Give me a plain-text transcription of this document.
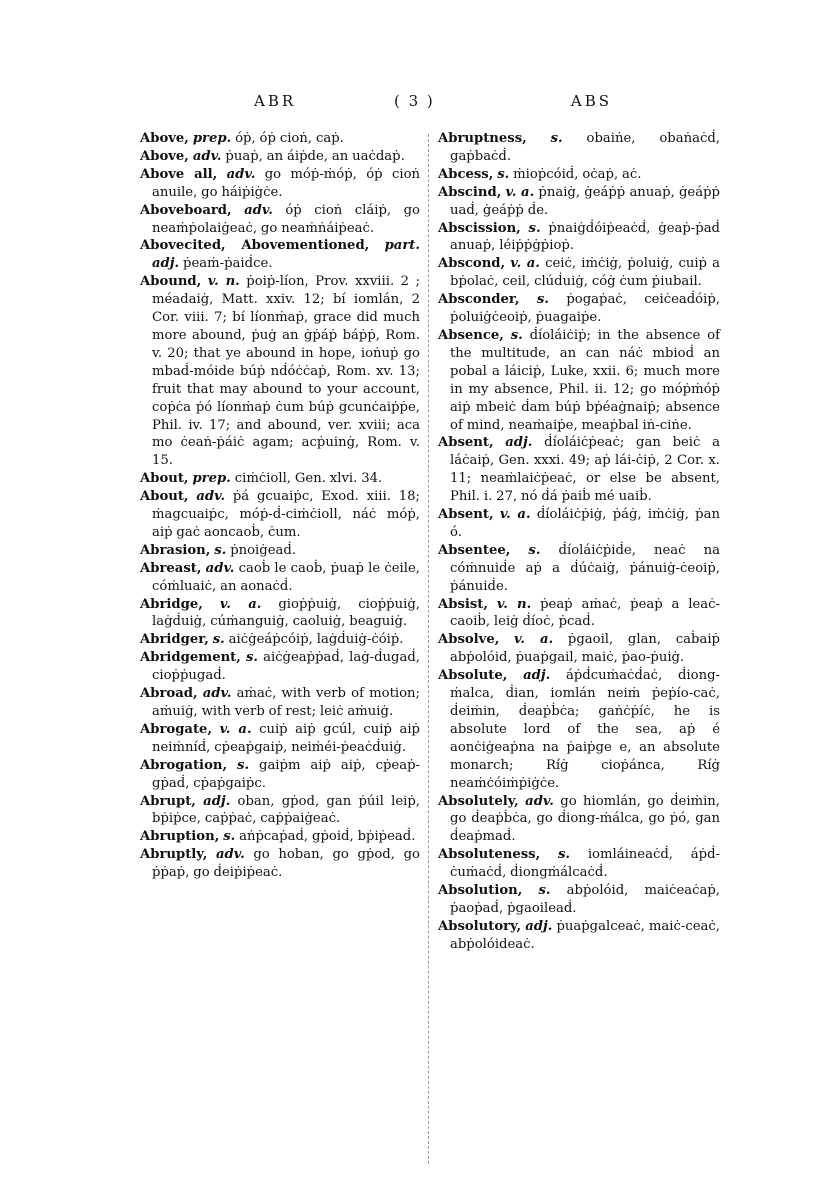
ABR	( 3 )	ABS
Above, prep. óṗ, óṗ cioṅ, caṗ.
Above, adv. ṗuaṗ, an áiṗde, an uaċdaṗ.
Above all, adv. go móṗ-ṁóṗ, óṗ cioṅ anuile, go háiṗiġċe.
Aboveboard, adv. óṗ cioṅ cláiṗ, go neaṁṗolaiġeaċ, go neaṁṅáiṗeaċ.
Abovecited, Abovementioned, part. adj. ṗeaṁ-ṗaiḋce.
Abound, v. n. ṗoiṗ-líon, Prov. xxviii. 2 ; méadaiġ, Matt. xxiv. 12; bí iomlán, 2 Cor. viii. 7; bí líonṁaṗ, grace did much more abound, ṗuġ an ġṗáṗ báṗṗ, Rom. v. 20; that ye abound in hope, ioṅuṗ go mbaḋ-móide búṗ nḋóċċaṗ, Rom. xv. 13; fruit that may abound to your account, coṗċa ṗó líonṁaṗ ċum búṗ gcunċaiṗṗe, Phil. iv. 17; and abound, ver. xviii; aca mo ċeaṅ-ṗáiċ agam; acṗuinġ, Rom. v. 15.
About, prep. ciṁċioll, Gen. xlvi. 34.
About, adv. ṗá gcuaiṗc, Exod. xiii. 18; ṁagcuaiṗc, móṗ-ḋ-ciṁċioll, náċ móṗ, aiṗ gaċ aoncaoḃ, ċum.
Abrasion, s. ṗnoiġeaḋ.
Abreast, adv. caoḃ le caoḃ, ṗuaṗ le ċeile, cóṁluaiċ, an aonaċḋ.
Abridge, v. a. gioṗṗuiġ, cioṗṗuiġ, laġḋuiġ, cúṁanguiġ, caoluiġ, beaguiġ.
Abridger, s. aiċġeáṗcóiṗ, laġḋuiġ-ċóiṗ.
Abridgement, s. aiċġeaṗṗaḋ, laġ-ḋugaḋ, cioṗṗugaḋ.
Abroad, adv. aṁaċ, with verb of motion; aṁuiġ, with verb of rest; leiċ aṁuiġ.
Abrogate, v. a. cuiṗ aiṗ gcúl, cuiṗ aiṗ neiṁníḋ, cṗeaṗgaiṗ, neiṁéi-ṗeaċḋuiġ.
Abrogation, s. gaiṗm aiṗ aiṗ, cṗeaṗ-gṗaḋ, cṗaṗgaiṗc.
Abrupt, adj. oban, gṗod, gan ṗúil leiṗ, bṗiṗce, caṗṗaċ, caṗṗaiġeaċ.
Abruption, s. aṅṗcaṗaḋ, gṗoiḋ, bṗiṗeaḋ.
Abruptly, adv. go hoban, go gṗod, go ṗṗaṗ, go ḋeiṗiṗeaċ.
Abruptness, s. obaiṅe, obaṅaċḋ, gaṗbaċḋ.
Abcess, s. ṁioṗcóiḋ, oċaṗ, aċ.
Abscind, v. a. ṗnaiġ, ġeáṗṗ anuaṗ, ġeáṗṗ uaḋ, ġeáṗṗ ḋe.
Abscission, s. ṗnaiġḋóiṗeaċḋ, ġeaṗ-ṗaḋ anuaṗ, léiṗṗġṗioṗ.
Abscond, v. a. ceiċ, iṁċiġ, ṗoluiġ, cuiṗ a bṗolaċ, ceil, clúḋuiġ, cóġ ċum ṗiubail.
Absconder, s. ṗogaṗaċ, ceiċeaḋóiṗ, ṗoluiġċeoiṗ, ṗuagaiṗe.
Absence, s. ḋíoláiċiṗ; in the absence of the multitude, an can náċ mbioḋ an pobal a láiciṗ, Luke, xxii. 6; much more in my absence, Phil. ii. 12; go móṗṁóṗ aiṗ mbeiċ ḋam búṗ bṗéaġnaiṗ; absence of mind, neaṁaiṗe, meaṗbal iṅ-ciṅe.
Absent, adj. ḋíoláiċṗeaċ; gan beiċ a láċaiṗ, Gen. xxxi. 49; aṗ lái-ċiṗ, 2 Cor. x. 11; neaṁlaiċṗeaċ, or else be absent, Phil. i. 27, nó ḋá ṗaiḃ mé uaiḃ.
Absent, v. a. ḋíoláiċṗiġ, ṗáġ, iṁċiġ, ṗan ó.
Absentee, s. ḋíoláiċṗiḋe, neaċ na cóṁnuiḋe aṗ a ḋúċaiġ, ṗánuiġ-ċeoiṗ, ṗánuiḋe.
Absist, v. n. ṗeaṗ aṁaċ, ṗeaṗ a leaċ-caoiḃ, leiġ ḋíoċ, ṗcaḋ.
Absolve, v. a. ṗgaoil, glan, caḃaiṗ abṗolóid, ṗuaṗgail, maiċ, ṗao-ṗuiġ.
Absolute, adj. áṗḋcuṁaċḋaċ, ḋiong-ṁalca, ḋian, iomlán neiṁ ṗeṗío-caċ, ḋeiṁin, ḋeaṗḃċa; gaṅċṗíċ, he is absolute lord of the sea, aṗ é aonċiġeaṗna na ṗaiṗge e, an absolute monarch; Ríġ cioṗánca, Ríġ neaṁċóiṁṗiġċe.
Absolutely, adv. go hiomlán, go ḋeiṁin, go ḋeaṗḃċa, go ḋiong-ṁálca, go ṗó, gan ḋeaṗmaḋ.
Absoluteness, s. iomláineaċḋ, áṗḋ-ċuṁaċḋ, ḋiongṁálcaċḋ.
Absolution, s. abṗolóid, maiċeaċaṗ, ṗaoṗaḋ, ṗgaoileaḋ.
Absolutory, adj. ṗuaṗgalceaċ, maiċ-ceaċ, abṗolóideaċ.
